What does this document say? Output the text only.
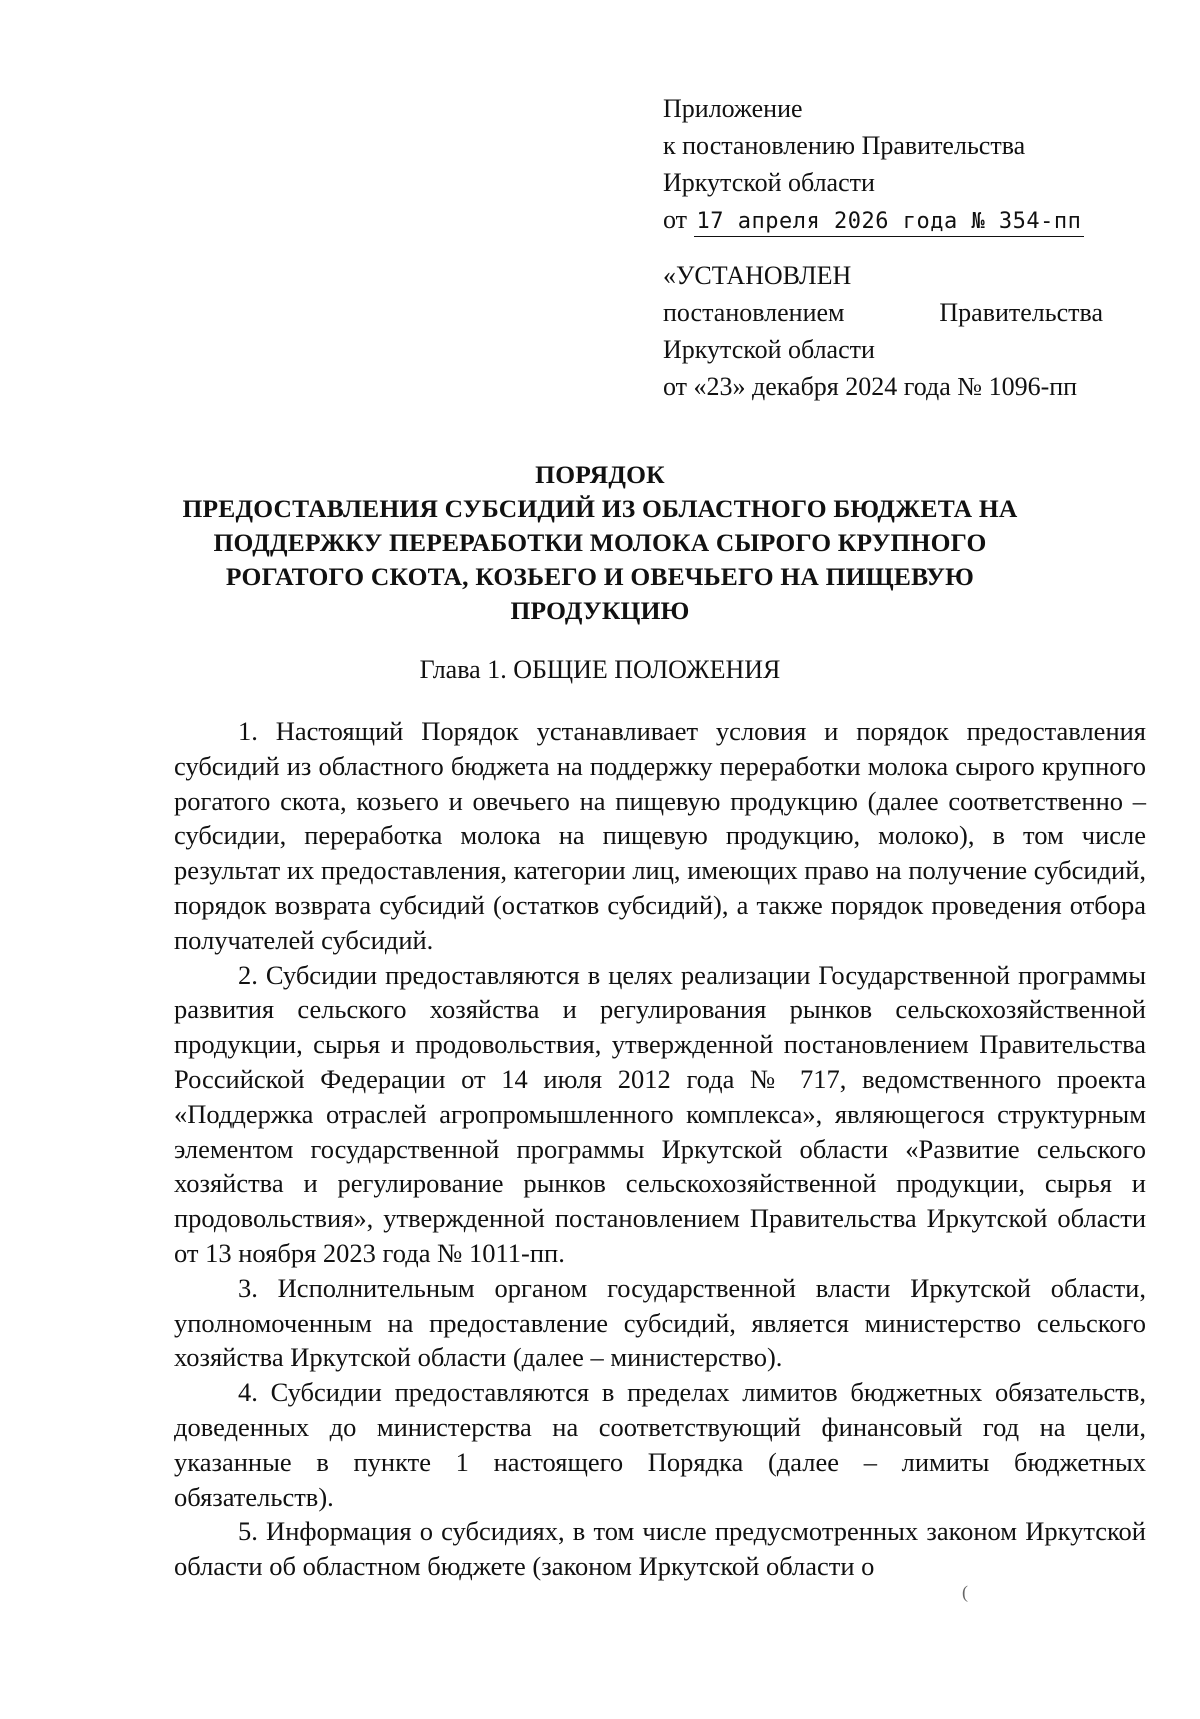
Приложение
к постановлению Правительства
Иркутской области
от 17 апреля 2026 года № 354-пп
«УСТАНОВЛЕН
постановлением	Правительства
Иркутской области
от «23» декабря 2024 года № 1096-пп
ПОРЯДОК
ПРЕДОСТАВЛЕНИЯ СУБСИДИЙ ИЗ ОБЛАСТНОГО БЮДЖЕТА НА
ПОДДЕРЖКУ ПЕРЕРАБОТКИ МОЛОКА СЫРОГО КРУПНОГО
РОГАТОГО СКОТА, КОЗЬЕГО И ОВЕЧЬЕГО НА ПИЩЕВУЮ
ПРОДУКЦИЮ
Глава 1. ОБЩИЕ ПОЛОЖЕНИЯ

1. Настоящий Порядок устанавливает условия и порядок предоставления субсидий из областного бюджета на поддержку переработки молока сырого крупного рогатого скота, козьего и овечьего на пищевую продукцию (далее соответственно – субсидии, переработка молока на пищевую продукцию, молоко), в том числе результат их предоставления, категории лиц, имеющих право на получение субсидий, порядок возврата субсидий (остатков субсидий), а также порядок проведения отбора получателей субсидий.

2. Субсидии предоставляются в целях реализации Государственной программы развития сельского хозяйства и регулирования рынков сельскохозяйственной продукции, сырья и продовольствия, утвержденной постановлением Правительства Российской Федерации от 14 июля 2012 года № 717, ведомственного проекта «Поддержка отраслей агропромышленного комплекса», являющегося структурным элементом государственной программы Иркутской области «Развитие сельского хозяйства и регулирование рынков сельскохозяйственной продукции, сырья и продовольствия», утвержденной постановлением Правительства Иркутской области от 13 ноября 2023 года № 1011-пп.

3. Исполнительным органом государственной власти Иркутской области, уполномоченным на предоставление субсидий, является министерство сельского хозяйства Иркутской области (далее – министерство).

4. Субсидии предоставляются в пределах лимитов бюджетных обязательств, доведенных до министерства на соответствующий финансовый год на цели, указанные в пункте 1 настоящего Порядка (далее – лимиты бюджетных обязательств).

5. Информация о субсидиях, в том числе предусмотренных законом Иркутской области об областном бюджете (законом Иркутской области о

(
